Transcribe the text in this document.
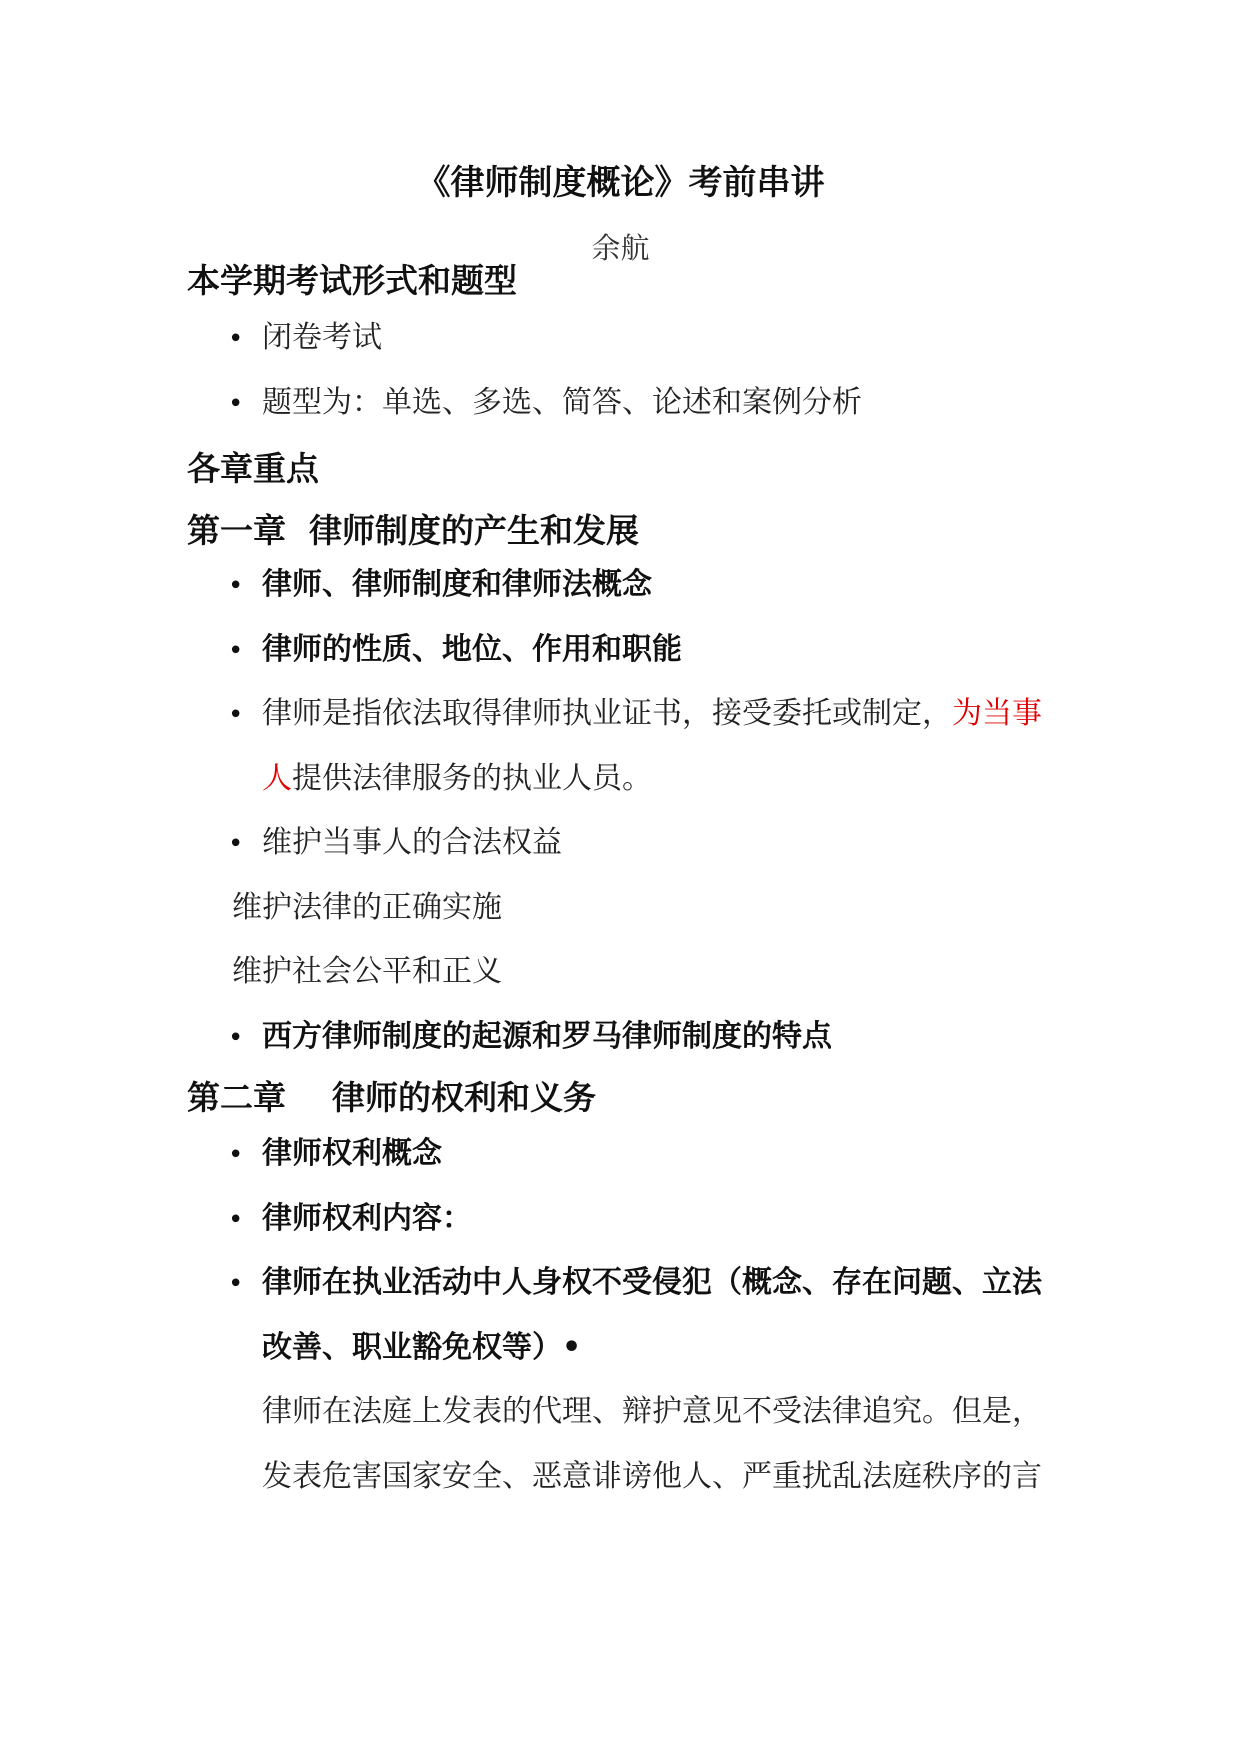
《律师制度概论》考前串讲
余航
本学期考试形式和题型
• 闭卷考试
• 题型为：单选、多选、简答、论述和案例分析
各章重点
第一章  律师制度的产生和发展
• 律师、律师制度和律师法概念
• 律师的性质、地位、作用和职能
• 律师是指依法取得律师执业证书，接受委托或制定，为当事
人提供法律服务的执业人员。
• 维护当事人的合法权益
维护法律的正确实施
维护社会公平和正义
• 西方律师制度的起源和罗马律师制度的特点
第二章    律师的权利和义务
• 律师权利概念
• 律师权利内容：
• 律师在执业活动中人身权不受侵犯（概念、存在问题、立法
改善、职业豁免权等）•
律师在法庭上发表的代理、辩护意见不受法律追究。但是，
发表危害国家安全、恶意诽谤他人、严重扰乱法庭秩序的言
